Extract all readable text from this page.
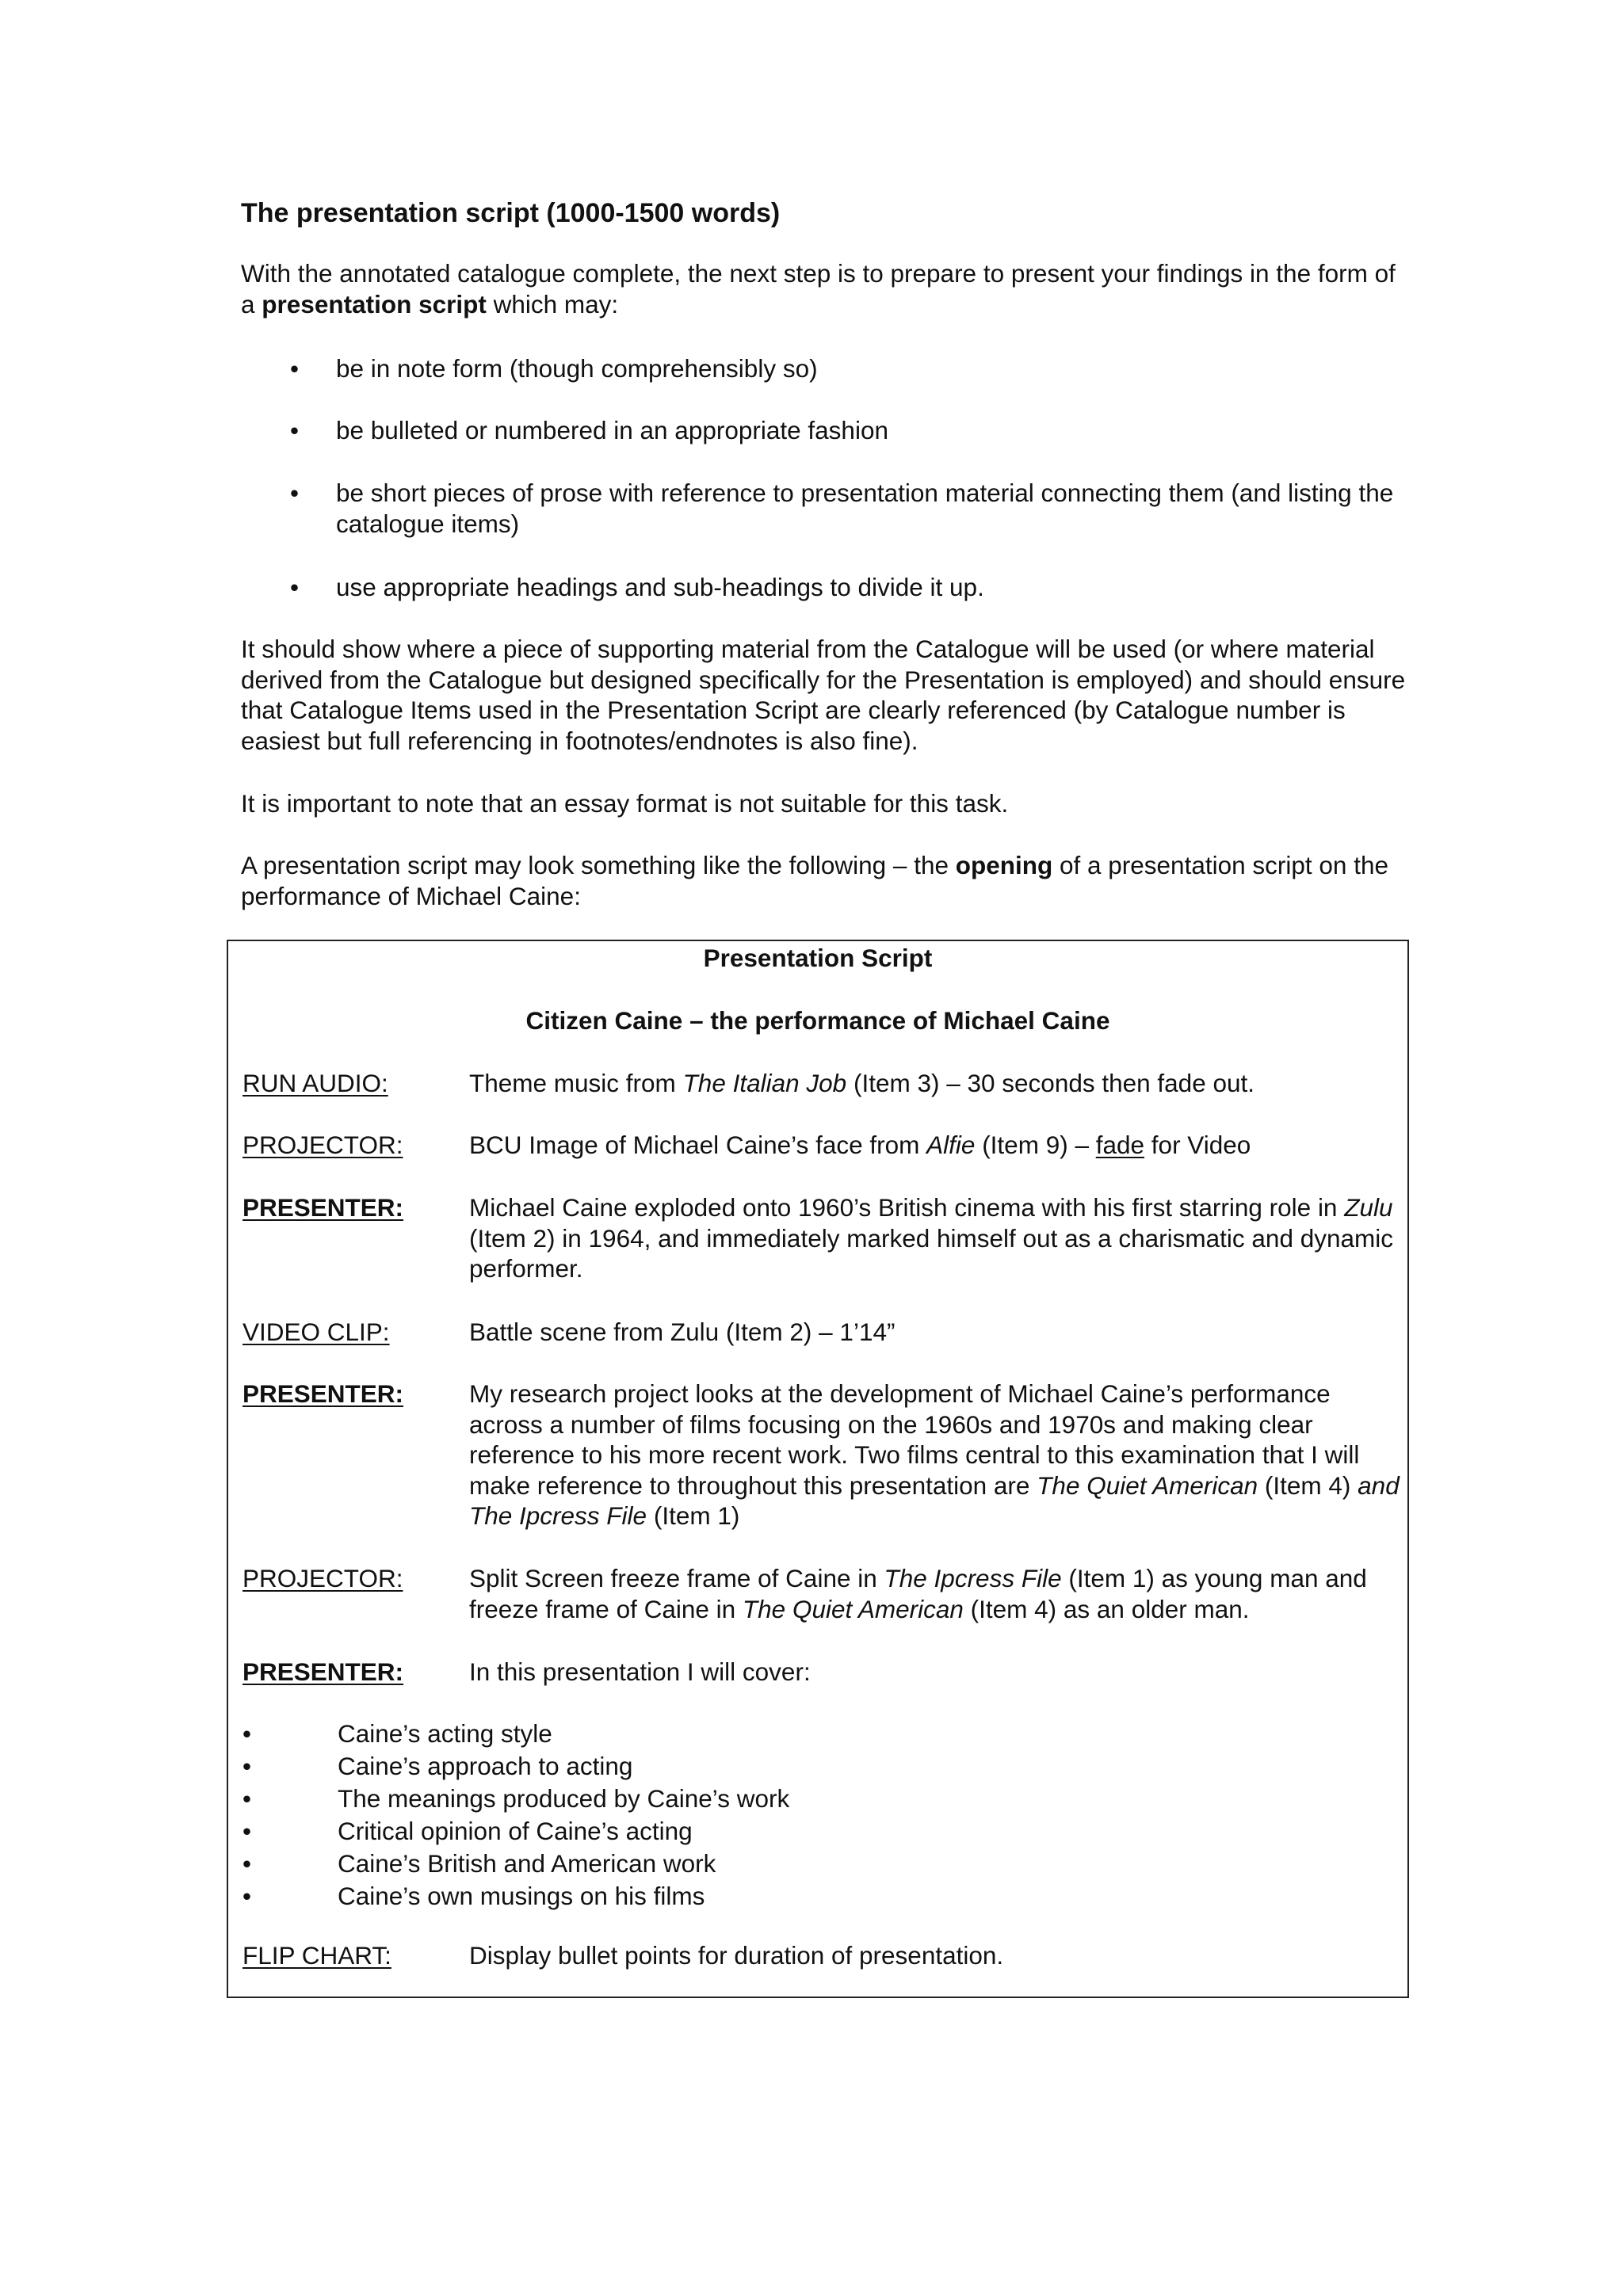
The presentation script (1000-1500 words)

With the annotated catalogue complete, the next step is to prepare to present your findings in the form of a presentation script which may:

• be in note form (though comprehensibly so)
• be bulleted or numbered in an appropriate fashion
• be short pieces of prose with reference to presentation material connecting them (and listing the catalogue items)
• use appropriate headings and sub-headings to divide it up.

It should show where a piece of supporting material from the Catalogue will be used (or where material derived from the Catalogue but designed specifically for the Presentation is employed) and should ensure that Catalogue Items used in the Presentation Script are clearly referenced (by Catalogue number is easiest but full referencing in footnotes/endnotes is also fine).

It is important to note that an essay format is not suitable for this task.

A presentation script may look something like the following – the opening of a presentation script on the performance of Michael Caine:

Presentation Script
Citizen Caine – the performance of Michael Caine
RUN AUDIO:	Theme music from The Italian Job (Item 3) – 30 seconds then fade out.
PROJECTOR:	BCU Image of Michael Caine’s face from Alfie (Item 9) – fade for Video
PRESENTER:	Michael Caine exploded onto 1960’s British cinema with his first starring role in Zulu (Item 2) in 1964, and immediately marked himself out as a charismatic and dynamic performer.
VIDEO CLIP:	Battle scene from Zulu (Item 2) – 1’14”
PRESENTER:	My research project looks at the development of Michael Caine’s performance across a number of films focusing on the 1960s and 1970s and making clear reference to his more recent work. Two films central to this examination that I will make reference to throughout this presentation are The Quiet American (Item 4) and The Ipcress File (Item 1)
PROJECTOR:	Split Screen freeze frame of Caine in The Ipcress File (Item 1) as young man and freeze frame of Caine in The Quiet American (Item 4) as an older man.
PRESENTER:	In this presentation I will cover:
•	Caine’s acting style
•	Caine’s approach to acting
•	The meanings produced by Caine’s work
•	Critical opinion of Caine’s acting
•	Caine’s British and American work
•	Caine’s own musings on his films
FLIP CHART:	Display bullet points for duration of presentation.
